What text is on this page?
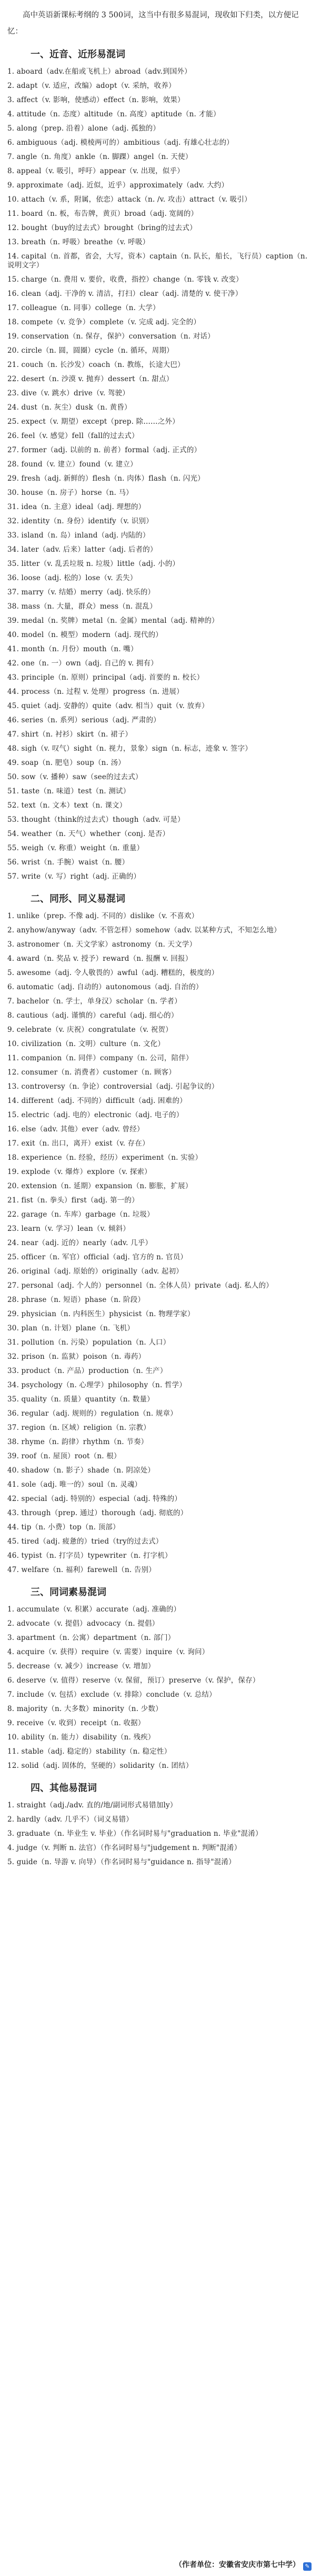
高中英语新课标考纲的 3 500词，这当中有很多易混词，现收如下归类，以方便记忆：

一、近音、近形易混词
1. aboard（adv.在船或飞机上）abroad（adv.到国外）
2. adapt（v. 适应，改编）adopt（v. 采纳，收养）
3. affect（v. 影响，使感动）effect（n. 影响，效果）
4. attitude（n. 态度）altitude（n. 高度）aptitude（n. 才能）
5. along（prep. 沿着）alone（adj. 孤独的）
6. ambiguous（adj. 模棱两可的）ambitious（adj. 有雄心壮志的）
7. angle（n. 角度）ankle（n. 脚踝）angel（n. 天使）
8. appeal（v. 吸引，呼吁）appear（v. 出现，似乎）
9. approximate（adj. 近似，近乎）approximately（adv. 大约）
10. attach（v. 系，附属，依恋）attack（n. /v. 攻击）attract（v. 吸引）
11. board（n. 板，布告牌，黄页）broad（adj. 宽阔的）
12. bought（buy的过去式）brought（bring的过去式）
13. breath（n. 呼吸）breathe（v. 呼吸）
14. capital（n. 首都，省会，大写，资本）captain（n. 队长，船长，飞行员）caption（n. 说明文字）
15. charge（n. 费用 v. 要价，收费，指控）change（n. 零钱 v. 改变）
16. clean（adj. 干净的 v. 清洁，打扫）clear（adj. 清楚的 v. 使干净）
17. colleague（n. 同事）college（n. 大学）
18. compete（v. 竞争）complete（v. 完成 adj. 完全的）
19. conservation（n. 保存，保护）conversation（n. 对话）
20. circle（n. 圆，圆圈）cycle（n. 循环，周期）
21. couch（n. 长沙发）coach（n. 教练，长途大巴）
22. desert（n. 沙漠 v. 抛弃）dessert（n. 甜点）
23. dive（v. 跳水）drive（v. 驾驶）
24. dust（n. 灰尘）dusk（n. 黄昏）
25. expect（v. 期望）except（prep. 除……之外）
26. feel（v. 感觉）fell（fall的过去式）
27. former（adj. 以前的 n. 前者）formal（adj. 正式的）
28. found（v. 建立）found（v. 建立）
29. fresh（adj. 新鲜的）flesh（n. 肉体）flash（n. 闪光）
30. house（n. 房子）horse（n. 马）
31. idea（n. 主意）ideal（adj. 理想的）
32. identity（n. 身份）identify（v. 识别）
33. island（n. 岛）inland（adj. 内陆的）
34. later（adv. 后来）latter（adj. 后者的）
35. litter（v. 乱丢垃圾 n. 垃圾）little（adj. 小的）
36. loose（adj. 松的）lose（v. 丢失）
37. marry（v. 结婚）merry（adj. 快乐的）
38. mass（n. 大量，群众）mess（n. 混乱）
39. medal（n. 奖牌）metal（n. 金属）mental（adj. 精神的）
40. model（n. 模型）modern（adj. 现代的）
41. month（n. 月份）mouth（n. 嘴）
42. one（n. 一）own（adj. 自己的 v. 拥有）
43. principle（n. 原则）principal（adj. 首要的 n. 校长）
44. process（n. 过程 v. 处理）progress（n. 进展）
45. quiet（adj. 安静的）quite（adv. 相当）quit（v. 放弃）
46. series（n. 系列）serious（adj. 严肃的）
47. shirt（n. 衬衫）skirt（n. 裙子）
48. sigh（v. 叹气）sight（n. 视力，景象）sign（n. 标志，迹象 v. 签字）
49. soap（n. 肥皂）soup（n. 汤）
50. sow（v. 播种）saw（see的过去式）
51. taste（n. 味道）test（n. 测试）
52. text（n. 文本）text（n. 课文）
53. thought（think的过去式）though（adv. 可是）
54. weather（n. 天气）whether（conj. 是否）
55. weigh（v. 称重）weight（n. 重量）
56. wrist（n. 手腕）waist（n. 腰）
57. write（v. 写）right（adj. 正确的）
二、同形、同义易混词
1. unlike（prep. 不像 adj. 不同的）dislike（v. 不喜欢）
2. anyhow/anyway（adv. 不管怎样）somehow（adv. 以某种方式，不知怎么地）
3. astronomer（n. 天文学家）astronomy（n. 天文学）
4. award（n. 奖品 v. 授予）reward（n. 报酬 v. 回报）
5. awesome（adj. 令人敬畏的）awful（adj. 糟糕的，极度的）
6. automatic（adj. 自动的）autonomous（adj. 自治的）
7. bachelor（n. 学士，单身汉）scholar（n. 学者）
8. cautious（adj. 谨慎的）careful（adj. 细心的）
9. celebrate（v. 庆祝）congratulate（v. 祝贺）
10. civilization（n. 文明）culture（n. 文化）
11. companion（n. 同伴）company（n. 公司，陪伴）
12. consumer（n. 消费者）customer（n. 顾客）
13. controversy（n. 争论）controversial（adj. 引起争议的）
14. different（adj. 不同的）difficult（adj. 困难的）
15. electric（adj. 电的）electronic（adj. 电子的）
16. else（adv. 其他）ever（adv. 曾经）
17. exit（n. 出口，离开）exist（v. 存在）
18. experience（n. 经验，经历）experiment（n. 实验）
19. explode（v. 爆炸）explore（v. 探索）
20. extension（n. 延期）expansion（n. 膨胀，扩展）
21. fist（n. 拳头）first（adj. 第一的）
22. garage（n. 车库）garbage（n. 垃圾）
23. learn（v. 学习）lean（v. 倾斜）
24. near（adj. 近的）nearly（adv. 几乎）
25. officer（n. 军官）official（adj. 官方的 n. 官员）
26. original（adj. 原始的）originally（adv. 起初）
27. personal（adj. 个人的）personnel（n. 全体人员）private（adj. 私人的）
28. phrase（n. 短语）phase（n. 阶段）
29. physician（n. 内科医生）physicist（n. 物理学家）
30. plan（n. 计划）plane（n. 飞机）
31. pollution（n. 污染）population（n. 人口）
32. prison（n. 监狱）poison（n. 毒药）
33. product（n. 产品）production（n. 生产）
34. psychology（n. 心理学）philosophy（n. 哲学）
35. quality（n. 质量）quantity（n. 数量）
36. regular（adj. 规则的）regulation（n. 规章）
37. region（n. 区域）religion（n. 宗教）
38. rhyme（n. 韵律）rhythm（n. 节奏）
39. roof（n. 屋顶）root（n. 根）
40. shadow（n. 影子）shade（n. 阴凉处）
41. sole（adj. 唯一的）soul（n. 灵魂）
42. special（adj. 特别的）especial（adj. 特殊的）
43. through（prep. 通过）thorough（adj. 彻底的）
44. tip（n. 小费）top（n. 顶部）
45. tired（adj. 疲惫的）tried（try的过去式）
46. typist（n. 打字员）typewriter（n. 打字机）
47. welfare（n. 福利）farewell（n. 告别）
三、同词素易混词
1. accumulate（v. 积累）accurate（adj. 准确的）
2. advocate（v. 提倡）advocacy（n. 提倡）
3. apartment（n. 公寓）department（n. 部门）
4. acquire（v. 获得）require（v. 需要）inquire（v. 询问）
5. decrease（v. 减少）increase（v. 增加）
6. deserve（v. 值得）reserve（v. 保留，预订）preserve（v. 保护，保存）
7. include（v. 包括）exclude（v. 排除）conclude（v. 总结）
8. majority（n. 大多数）minority（n. 少数）
9. receive（v. 收到）receipt（n. 收据）
10. ability（n. 能力）disability（n. 残疾）
11. stable（adj. 稳定的）stability（n. 稳定性）
12. solid（adj. 固体的，坚硬的）solidarity（n. 团结）
四、其他易混词
1. straight（adj./adv. 直的/地/副词形式易错加ly）
2. hardly（adv. 几乎不）（词义易错）
3. graduate（n. 毕业生 v. 毕业）（作名词时易与"graduation n. 毕业"混淆）
4. judge（v. 判断 n. 法官）（作名词时易与"judgement n. 判断"混淆）
5. guide（n. 导游 v. 向导）（作名词时易与"guidance n. 指导"混淆）
（作者单位：安徽省安庆市第七中学） ✎
